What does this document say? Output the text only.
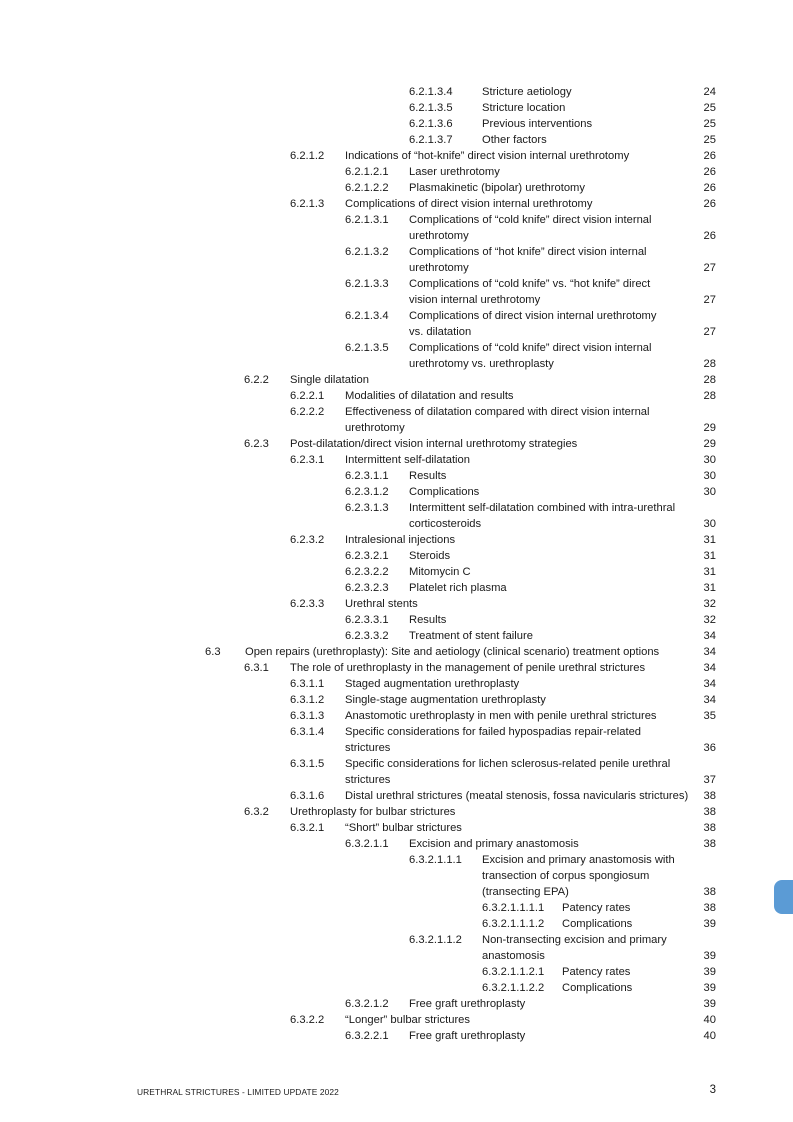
6.2.1.3.4	Stricture aetiology	24
6.2.1.3.5	Stricture location	25
6.2.1.3.6	Previous interventions	25
6.2.1.3.7	Other factors	25
6.2.1.2 Indications of “hot-knife” direct vision internal urethrotomy	26
6.2.1.2.1 Laser urethrotomy	26
6.2.1.2.2 Plasmakinetic (bipolar) urethrotomy	26
6.2.1.3 Complications of direct vision internal urethrotomy	26
6.2.1.3.1 Complications of “cold knife” direct vision internal
urethrotomy	26
6.2.1.3.2 Complications of “hot knife” direct vision internal
urethrotomy	27
6.2.1.3.3 Complications of “cold knife” vs. “hot knife” direct
vision internal urethrotomy	27
6.2.1.3.4 Complications of direct vision internal urethrotomy
vs. dilatation	27
6.2.1.3.5 Complications of “cold knife” direct vision internal
urethrotomy vs. urethroplasty	28
6.2.2 Single dilatation	28
6.2.2.1 Modalities of dilatation and results	28
6.2.2.2 Effectiveness of dilatation compared with direct vision internal
urethrotomy	29
6.2.3 Post-dilatation/direct vision internal urethrotomy strategies	29
6.2.3.1 Intermittent self-dilatation	30
6.2.3.1.1 Results	30
6.2.3.1.2 Complications	30
6.2.3.1.3 Intermittent self-dilatation combined with intra-urethral
corticosteroids	30
6.2.3.2 Intralesional injections	31
6.2.3.2.1 Steroids	31
6.2.3.2.2 Mitomycin C	31
6.2.3.2.3 Platelet rich plasma	31
6.2.3.3 Urethral stents	32
6.2.3.3.1 Results	32
6.2.3.3.2 Treatment of stent failure	34
6.3 Open repairs (urethroplasty): Site and aetiology (clinical scenario) treatment options	34
6.3.1 The role of urethroplasty in the management of penile urethral strictures	34
6.3.1.1 Staged augmentation urethroplasty	34
6.3.1.2 Single-stage augmentation urethroplasty	34
6.3.1.3 Anastomotic urethroplasty in men with penile urethral strictures	35
6.3.1.4 Specific considerations for failed hypospadias repair-related
strictures	36
6.3.1.5 Specific considerations for lichen sclerosus-related penile urethral
strictures	37
6.3.1.6 Distal urethral strictures (meatal stenosis, fossa navicularis strictures) 38
6.3.2 Urethroplasty for bulbar strictures	38
6.3.2.1 “Short” bulbar strictures	38
6.3.2.1.1 Excision and primary anastomosis	38
6.3.2.1.1.1 Excision and primary anastomosis with
transection of corpus spongiosum
(transecting EPA)	38
6.3.2.1.1.1.1 Patency rates	38
6.3.2.1.1.1.2 Complications	39
6.3.2.1.1.2 Non-transecting excision and primary
anastomosis	39
6.3.2.1.1.2.1 Patency rates	39
6.3.2.1.1.2.2 Complications	39
6.3.2.1.2 Free graft urethroplasty	39
6.3.2.2 “Longer” bulbar strictures	40
6.3.2.2.1 Free graft urethroplasty	40
URETHRAL STRICTURES - LIMITED UPDATE 2022	3
